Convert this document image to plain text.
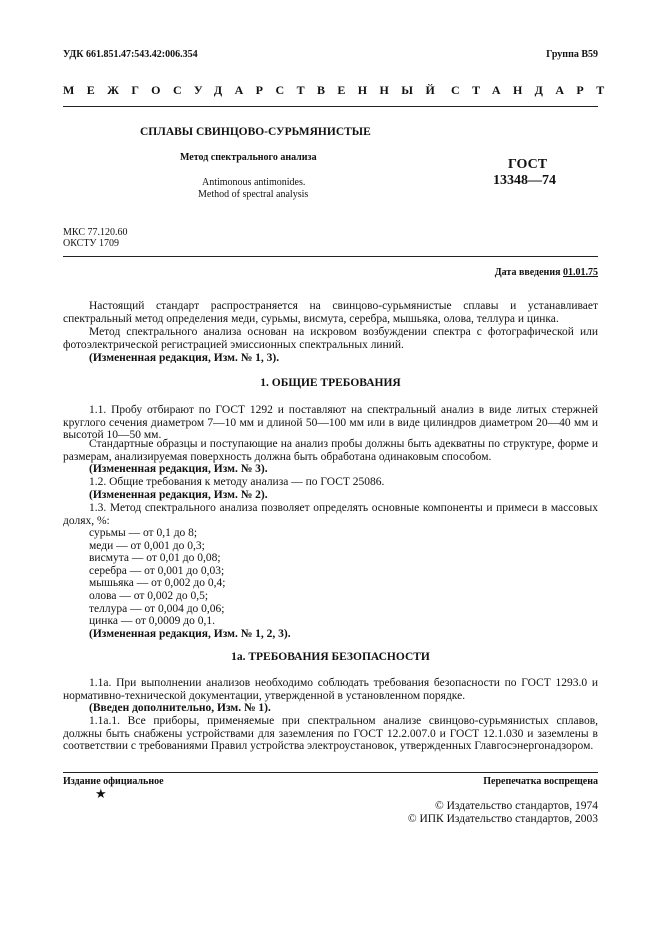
УДК 661.851.47:543.42:006.354	Группа В59
МЕЖГОСУДАРСТВЕННЫЙ СТАНДАРТ
СПЛАВЫ СВИНЦОВО-СУРЬМЯНИСТЫЕ
Метод спектрального анализа
Antimonous antimonides.
Method of spectral analysis
ГОСТ
13348—74
МКС 77.120.60
ОКСТУ 1709
Дата введения 01.01.75
Настоящий стандарт распространяется на свинцово-сурьмянистые сплавы и устанавливает спектральный метод определения меди, сурьмы, висмута, серебра, мышьяка, олова, теллура и цинка.
Метод спектрального анализа основан на искровом возбуждении спектра с фотографической или фотоэлектрической регистрацией эмиссионных спектральных линий.
(Измененная редакция, Изм. № 1, 3).
1. ОБЩИЕ ТРЕБОВАНИЯ
1.1. Пробу отбирают по ГОСТ 1292 и поставляют на спектральный анализ в виде литых стержней круглого сечения диаметром 7—10 мм и длиной 50—100 мм или в виде цилиндров диаметром 20—40 мм и высотой 10—50 мм.
Стандартные образцы и поступающие на анализ пробы должны быть адекватны по структуре, форме и размерам, анализируемая поверхность должна быть обработана одинаковым способом.
(Измененная редакция, Изм. № 3).
1.2. Общие требования к методу анализа — по ГОСТ 25086.
(Измененная редакция, Изм. № 2).
1.3. Метод спектрального анализа позволяет определять основные компоненты и примеси в массовых долях, %:
сурьмы — от 0,1 до 8;
меди — от 0,001 до 0,3;
висмута — от 0,01 до 0,08;
серебра — от 0,001 до 0,03;
мышьяка — от 0,002 до 0,4;
олова — от 0,002 до 0,5;
теллура — от 0,004 до 0,06;
цинка — от 0,0009 до 0,1.
(Измененная редакция, Изм. № 1, 2, 3).
1а. ТРЕБОВАНИЯ БЕЗОПАСНОСТИ
1.1а. При выполнении анализов необходимо соблюдать требования безопасности по ГОСТ 1293.0 и нормативно-технической документации, утвержденной в установленном порядке.
(Введен дополнительно, Изм. № 1).
1.1а.1. Все приборы, применяемые при спектральном анализе свинцово-сурьмянистых сплавов, должны быть снабжены устройствами для заземления по ГОСТ 12.2.007.0 и ГОСТ 12.1.030 и заземлены в соответствии с требованиями Правил устройства электроустановок, утвержденных Главгосэнергонадзором.
Издание официальное	Перепечатка воспрещена
★
© Издательство стандартов, 1974
© ИПК Издательство стандартов, 2003
